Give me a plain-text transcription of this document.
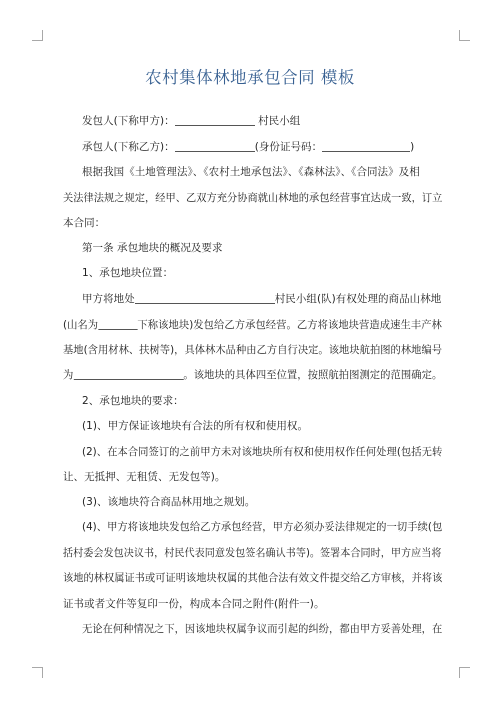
农村集体林地承包合同 模板
发包人(下称甲方)：	村民小组
承包人(下称乙方)：	(身份证号码：	)
根据我国《土地管理法》、《农村土地承包法》、《森林法》、《合同法》及相
关法律法规之规定，经甲、乙双方充分协商就山林地的承包经营事宜达成一致，订立
本合同：
第一条 承包地块的概况及要求
1、承包地块位置：
甲方将地处	村民小组(队)有权处理的商品山林地
(山名为	下称该地块)发包给乙方承包经营。乙方将该地块营造成速生丰产林
基地(含用材林、扶树等)，具体林木品种由乙方自行决定。该地块航拍图的林地编号
为	。该地块的具体四至位置，按照航拍图测定的范围确定。
2、承包地块的要求：
(1)、甲方保证该地块有合法的所有权和使用权。
(2)、在本合同签订的之前甲方未对该地块所有权和使用权作任何处理(包括无转
让、无抵押、无租赁、无发包等)。
(3)、该地块符合商品林用地之规划。
(4)、甲方将该地块发包给乙方承包经营，甲方必须办妥法律规定的一切手续(包
括村委会发包决议书，村民代表同意发包签名确认书等)。签署本合同时，甲方应当将
该地的林权属证书或可证明该地块权属的其他合法有效文件提交给乙方审核，并将该
证书或者文件等复印一份，构成本合同之附件(附件一)。
无论在何种情况之下，因该地块权属争议而引起的纠纷，都由甲方妥善处理，在
